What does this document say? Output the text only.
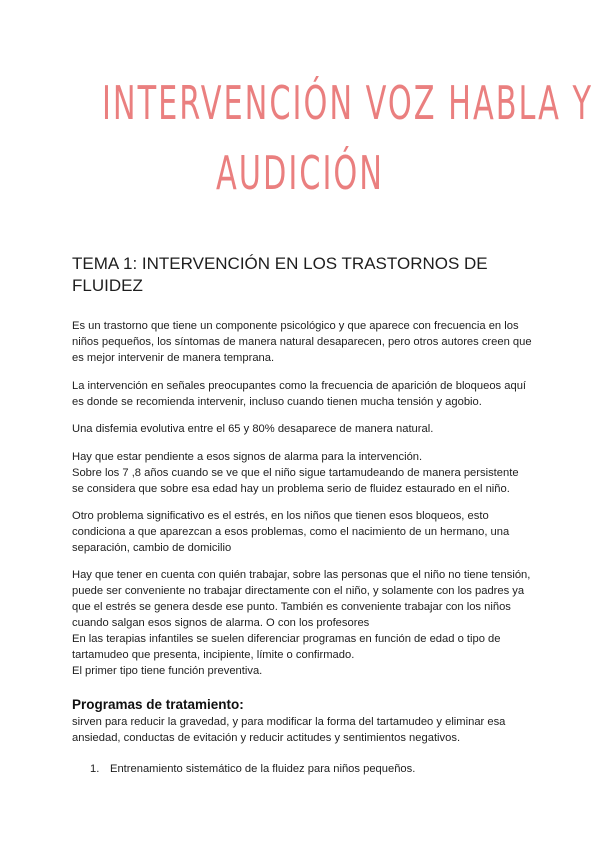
INTERVENCIÓN VOZ HABLA Y
AUDICIÓN
TEMA 1: INTERVENCIÓN EN LOS TRASTORNOS DE FLUIDEZ

Es un trastorno que tiene un componente psicológico y que aparece con frecuencia en los niños pequeños, los síntomas de manera natural desaparecen, pero otros autores creen que es mejor intervenir de manera temprana.

La intervención en señales preocupantes como la frecuencia de aparición de bloqueos aquí es donde se recomienda intervenir, incluso cuando tienen mucha tensión y agobio.

Una disfemia evolutiva entre el 65 y 80% desaparece de manera natural.

Hay que estar pendiente a esos signos de alarma para la intervención.

Sobre los 7 ,8 años cuando se ve que el niño sigue tartamudeando de manera persistente se considera que sobre esa edad hay un problema serio de fluidez estaurado en el niño.

Otro problema significativo es el estrés, en los niños que tienen esos bloqueos, esto condiciona a que aparezcan a esos problemas, como el nacimiento de un hermano, una separación, cambio de domicilio

Hay que tener en cuenta con quién trabajar, sobre las personas que el niño no tiene tensión, puede ser conveniente no trabajar directamente con el niño, y solamente con los padres ya que el estrés se genera desde ese punto. También es conveniente trabajar con los niños cuando salgan esos signos de alarma. O con los profesores

En las terapias infantiles se suelen diferenciar programas en función de edad o tipo de tartamudeo que presenta, incipiente, límite o confirmado.

El primer tipo tiene función preventiva.

Programas de tratamiento:

sirven para reducir la gravedad, y para modificar la forma del tartamudeo y eliminar esa ansiedad, conductas de evitación y reducir actitudes y sentimientos negativos.

1. Entrenamiento sistemático de la fluidez para niños pequeños.
